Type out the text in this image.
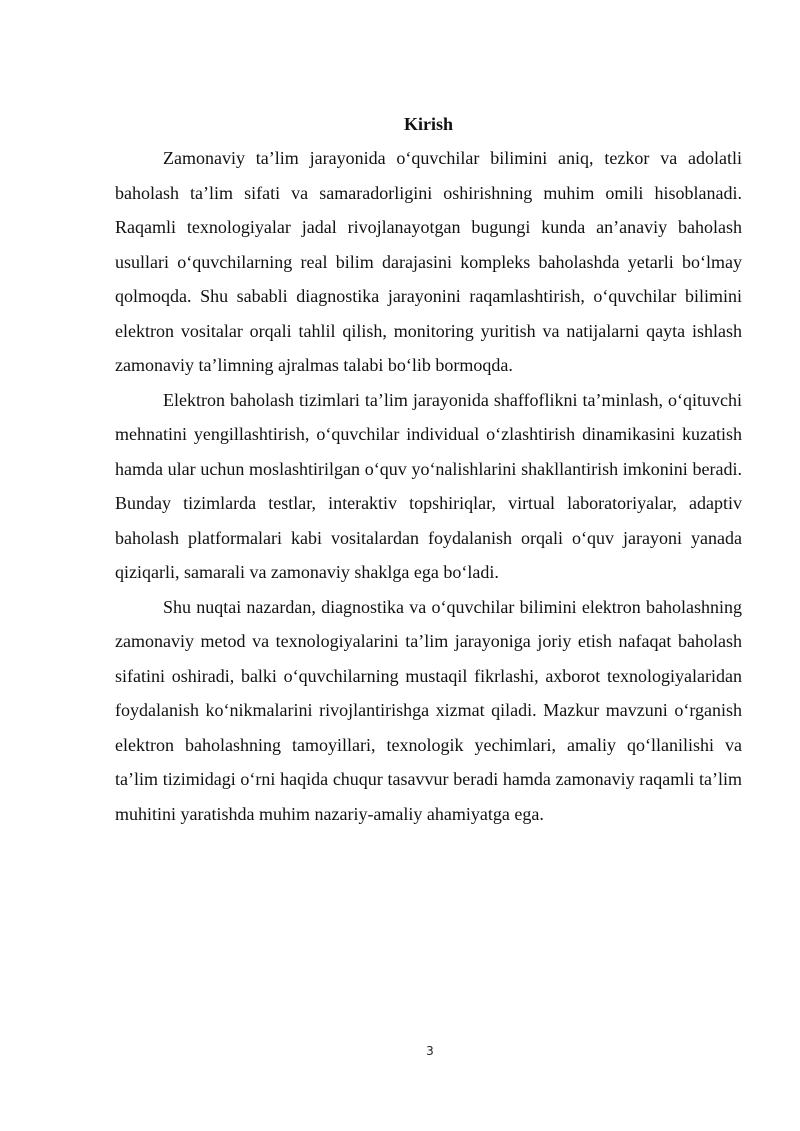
Kirish

Zamonaviy ta’lim jarayonida o‘quvchilar bilimini aniq, tezkor va adolatli baholash ta’lim sifati va samaradorligini oshirishning muhim omili hisoblanadi. Raqamli texnologiyalar jadal rivojlanayotgan bugungi kunda an’anaviy baholash usullari o‘quvchilarning real bilim darajasini kompleks baholashda yetarli bo‘lmay qolmoqda. Shu sababli diagnostika jarayonini raqamlashtirish, o‘quvchilar bilimini elektron vositalar orqali tahlil qilish, monitoring yuritish va natijalarni qayta ishlash zamonaviy ta’limning ajralmas talabi bo‘lib bormoqda.

Elektron baholash tizimlari ta’lim jarayonida shaffoflikni ta’minlash, o‘qituvchi mehnatini yengillashtirish, o‘quvchilar individual o‘zlashtirish dinamikasini kuzatish hamda ular uchun moslashtirilgan o‘quv yo‘nalishlarini shakllantirish imkonini beradi. Bunday tizimlarda testlar, interaktiv topshiriqlar, virtual laboratoriyalar, adaptiv baholash platformalari kabi vositalardan foydalanish orqali o‘quv jarayoni yanada qiziqarli, samarali va zamonaviy shaklga ega bo‘ladi.

Shu nuqtai nazardan, diagnostika va o‘quvchilar bilimini elektron baholashning zamonaviy metod va texnologiyalarini ta’lim jarayoniga joriy etish nafaqat baholash sifatini oshiradi, balki o‘quvchilarning mustaqil fikrlashi, axborot texnologiyalaridan foydalanish ko‘nikmalarini rivojlantirishga xizmat qiladi. Mazkur mavzuni o‘rganish elektron baholashning tamoyillari, texnologik yechimlari, amaliy qo‘llanilishi va ta’lim tizimidagi o‘rni haqida chuqur tasavvur beradi hamda zamonaviy raqamli ta’lim muhitini yaratishda muhim nazariy-amaliy ahamiyatga ega.

3
